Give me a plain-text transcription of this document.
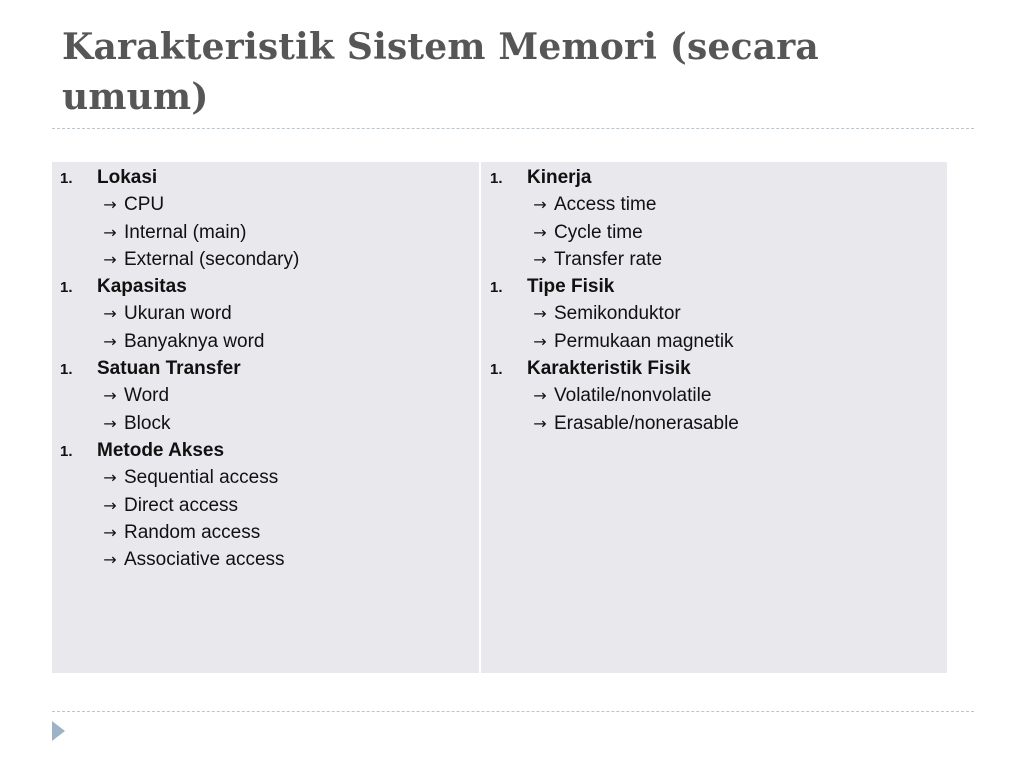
Karakteristik Sistem Memori (secara umum)
1.	Lokasi
→ CPU
→ Internal (main)
→ External (secondary)
1.	Kapasitas
→ Ukuran word
→ Banyaknya word
1.	Satuan Transfer
→ Word
→ Block
1.	Metode Akses
→ Sequential access
→ Direct access
→ Random access
→ Associative access
1.	Kinerja
→ Access time
→ Cycle time
→ Transfer rate
1.	Tipe Fisik
→ Semikonduktor
→ Permukaan magnetik
1.	Karakteristik Fisik
→ Volatile/nonvolatile
→ Erasable/nonerasable
